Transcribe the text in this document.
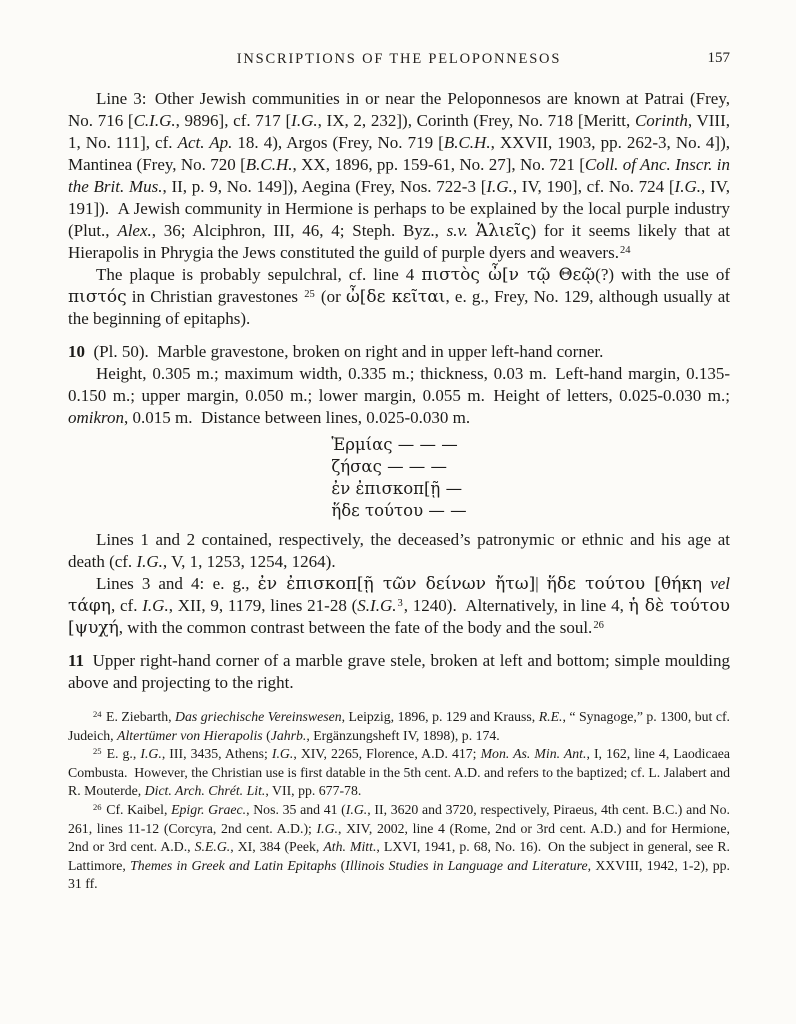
INSCRIPTIONS OF THE PELOPONNESOS	157

Line 3: Other Jewish communities in or near the Peloponnesos are known at Patrai (Frey, No. 716 [C.I.G., 9896], cf. 717 [I.G., IX, 2, 232]), Corinth (Frey, No. 718 [Meritt, Corinth, VIII, 1, No. 111], cf. Act. Ap. 18. 4), Argos (Frey, No. 719 [B.C.H., XXVII, 1903, pp. 262-3, No. 4]), Mantinea (Frey, No. 720 [B.C.H., XX, 1896, pp. 159-61, No. 27], No. 721 [Coll. of Anc. Inscr. in the Brit. Mus., II, p. 9, No. 149]), Aegina (Frey, Nos. 722-3 [I.G., IV, 190], cf. No. 724 [I.G., IV, 191]). A Jewish community in Hermione is perhaps to be explained by the local purple industry (Plut., Alex., 36; Alciphron, III, 46, 4; Steph. Byz., s.v. Ἁλιεῖς) for it seems likely that at Hierapolis in Phrygia the Jews constituted the guild of purple dyers and weavers.$^{24}$

The plaque is probably sepulchral, cf. line 4 πιστὸς ὦ[ν τῷ Θεῷ(?) with the use of πιστός in Christian gravestones $^{25}$ (or ὦ[δε κεῖται, e. g., Frey, No. 129, although usually at the beginning of epitaphs).

10 (Pl. 50). Marble gravestone, broken on right and in upper left-hand corner.

Height, 0.305 m.; maximum width, 0.335 m.; thickness, 0.03 m. Left-hand margin, 0.135-0.150 m.; upper margin, 0.050 m.; lower margin, 0.055 m. Height of letters, 0.025-0.030 m.; omikron, 0.015 m. Distance between lines, 0.025-0.030 m.

Ἑρμίας — — —
ζήσας — — —
ἐν ἐπισκοπ[ῇ —
ἥδε τούτου — —

Lines 1 and 2 contained, respectively, the deceased’s patronymic or ethnic and his age at death (cf. I.G., V, 1, 1253, 1254, 1264).

Lines 3 and 4: e. g., ἐν ἐπισκοπ[ῇ τῶν δείνων ἤτω]| ἥδε τούτου [θήκη vel τάφη, cf. I.G., XII, 9, 1179, lines 21-28 (S.I.G.$^3$, 1240). Alternatively, in line 4, ἡ δὲ τούτου [ψυχή, with the common contrast between the fate of the body and the soul.$^{26}$

11 Upper right-hand corner of a marble grave stele, broken at left and bottom; simple moulding above and projecting to the right.

$^{24}$ E. Ziebarth, Das griechische Vereinswesen, Leipzig, 1896, p. 129 and Krauss, R.E., “ Synagoge,” p. 1300, but cf. Judeich, Altertümer von Hierapolis (Jahrb., Ergänzungsheft IV, 1898), p. 174.

$^{25}$ E. g., I.G., III, 3435, Athens; I.G., XIV, 2265, Florence, A.D. 417; Mon. As. Min. Ant., I, 162, line 4, Laodicaea Combusta. However, the Christian use is first datable in the 5th cent. A.D. and refers to the baptized; cf. L. Jalabert and R. Mouterde, Dict. Arch. Chrét. Lit., VII, pp. 677-78.

$^{26}$ Cf. Kaibel, Epigr. Graec., Nos. 35 and 41 (I.G., II, 3620 and 3720, respectively, Piraeus, 4th cent. B.C.) and No. 261, lines 11-12 (Corcyra, 2nd cent. A.D.); I.G., XIV, 2002, line 4 (Rome, 2nd or 3rd cent. A.D.) and for Hermione, 2nd or 3rd cent. A.D., S.E.G., XI, 384 (Peek, Ath. Mitt., LXVI, 1941, p. 68, No. 16). On the subject in general, see R. Lattimore, Themes in Greek and Latin Epitaphs (Illinois Studies in Language and Literature, XXVIII, 1942, 1-2), pp. 31 ff.
